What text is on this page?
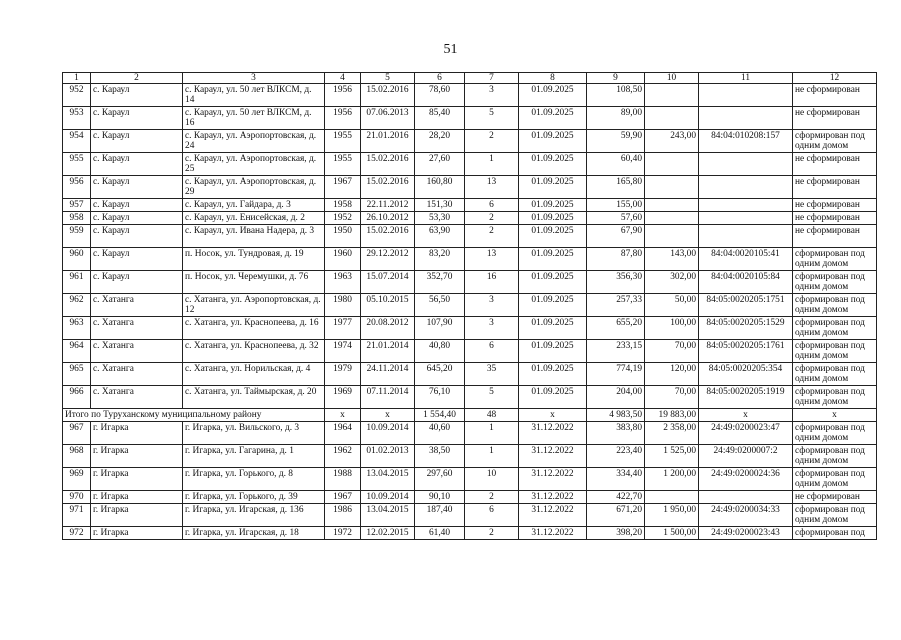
51
1	2	3	4	5	6	7	8	9	10	11	12
952	с. Караул	с. Караул, ул. 50 лет ВЛКСМ, д. 14	1956	15.02.2016	78,60	3	01.09.2025	108,50			не сформирован
953	с. Караул	с. Караул, ул. 50 лет ВЛКСМ, д. 16	1956	07.06.2013	85,40	5	01.09.2025	89,00			не сформирован
954	с. Караул	с. Караул, ул. Аэропортовская, д. 24	1955	21.01.2016	28,20	2	01.09.2025	59,90	243,00	84:04:010208:157	сформирован под одним домом
955	с. Караул	с. Караул, ул. Аэропортовская, д. 25	1955	15.02.2016	27,60	1	01.09.2025	60,40			не сформирован
956	с. Караул	с. Караул, ул. Аэропортовская, д. 29	1967	15.02.2016	160,80	13	01.09.2025	165,80			не сформирован
957	с. Караул	с. Караул, ул. Гайдара, д. 3	1958	22.11.2012	151,30	6	01.09.2025	155,00			не сформирован
958	с. Караул	с. Караул, ул. Енисейская, д. 2	1952	26.10.2012	53,30	2	01.09.2025	57,60			не сформирован
959	с. Караул	с. Караул, ул. Ивана Надера, д. 3	1950	15.02.2016	63,90	2	01.09.2025	67,90			не сформирован
960	с. Караул	п. Носок, ул. Тундровая, д. 19	1960	29.12.2012	83,20	13	01.09.2025	87,80	143,00	84:04:0020105:41	сформирован под одним домом
961	с. Караул	п. Носок, ул. Черемушки, д. 76	1963	15.07.2014	352,70	16	01.09.2025	356,30	302,00	84:04:0020105:84	сформирован под одним домом
962	с. Хатанга	с. Хатанга, ул. Аэропортовская, д. 12	1980	05.10.2015	56,50	3	01.09.2025	257,33	50,00	84:05:0020205:1751	сформирован под одним домом
963	с. Хатанга	с. Хатанга, ул. Краснопеева, д. 16	1977	20.08.2012	107,90	3	01.09.2025	655,20	100,00	84:05:0020205:1529	сформирован под одним домом
964	с. Хатанга	с. Хатанга, ул. Краснопеева, д. 32	1974	21.01.2014	40,80	6	01.09.2025	233,15	70,00	84:05:0020205:1761	сформирован под одним домом
965	с. Хатанга	с. Хатанга, ул. Норильская, д. 4	1979	24.11.2014	645,20	35	01.09.2025	774,19	120,00	84:05:0020205:354	сформирован под одним домом
966	с. Хатанга	с. Хатанга, ул. Таймырская, д. 20	1969	07.11.2014	76,10	5	01.09.2025	204,00	70,00	84:05:0020205:1919	сформирован под одним домом
Итого по Туруханскому муниципальному району			x	x	1 554,40	48	x	4 983,50	19 883,00	x	x
967	г. Игарка	г. Игарка, ул. Вильского, д. 3	1964	10.09.2014	40,60	1	31.12.2022	383,80	2 358,00	24:49:0200023:47	сформирован под одним домом
968	г. Игарка	г. Игарка, ул. Гагарина, д. 1	1962	01.02.2013	38,50	1	31.12.2022	223,40	1 525,00	24:49:0200007:2	сформирован под одним домом
969	г. Игарка	г. Игарка, ул. Горького, д. 8	1988	13.04.2015	297,60	10	31.12.2022	334,40	1 200,00	24:49:0200024:36	сформирован под одним домом
970	г. Игарка	г. Игарка, ул. Горького, д. 39	1967	10.09.2014	90,10	2	31.12.2022	422,70			не сформирован
971	г. Игарка	г. Игарка, ул. Игарская, д. 136	1986	13.04.2015	187,40	6	31.12.2022	671,20	1 950,00	24:49:0200034:33	сформирован под одним домом
972	г. Игарка	г. Игарка, ул. Игарская, д. 18	1972	12.02.2015	61,40	2	31.12.2022	398,20	1 500,00	24:49:0200023:43	сформирован под
